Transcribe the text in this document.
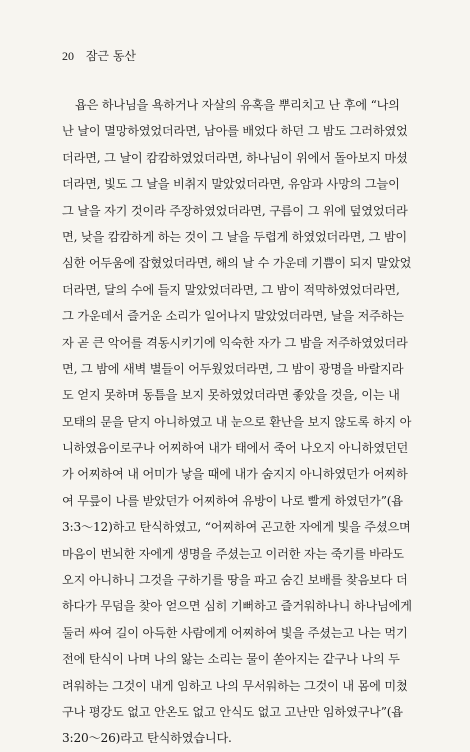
20 잠근 동산
욥은 하나님을 욕하거나 자살의 유혹을 뿌리치고 난 후에 “나의
난 날이 멸망하였었더라면, 남아를 배었다 하던 그 밤도 그러하였었
더라면, 그 날이 캄캄하였었더라면, 하나님이 위에서 돌아보지 마셨
더라면, 빛도 그 날을 비취지 말았었더라면, 유암과 사망의 그늘이
그 날을 자기 것이라 주장하였었더라면, 구름이 그 위에 덮였었더라
면, 낮을 캄캄하게 하는 것이 그 날을 두렵게 하였었더라면, 그 밤이
심한 어두움에 잡혔었더라면, 해의 날 수 가운데 기쁨이 되지 말았었
더라면, 달의 수에 들지 말았었더라면, 그 밤이 적막하였었더라면,
그 가운데서 즐거운 소리가 일어나지 말았었더라면, 날을 저주하는
자 곧 큰 악어를 격동시키기에 익숙한 자가 그 밤을 저주하였었더라
면, 그 밤에 새벽 별들이 어두웠었더라면, 그 밤이 광명을 바랄지라
도 얻지 못하며 동틈을 보지 못하였었더라면 좋았을 것을, 이는 내
모태의 문을 닫지 아니하였고 내 눈으로 환난을 보지 않도록 하지 아
니하였음이로구나 어찌하여 내가 태에서 죽어 나오지 아니하였던던
가 어찌하여 내 어미가 낳을 때에 내가 숨지지 아니하였던가 어찌하
여 무릎이 나를 받았던가 어찌하여 유방이 나로 빨게 하였던가”(욥
3:3～12)하고 탄식하였고, “어찌하여 곤고한 자에게 빛을 주셨으며
마음이 번뇌한 자에게 생명을 주셨는고 이러한 자는 죽기를 바라도
오지 아니하니 그것을 구하기를 땅을 파고 숨긴 보배를 찾음보다 더
하다가 무덤을 찾아 얻으면 심히 기뻐하고 즐거워하나니 하나님에게
둘러 싸여 길이 아득한 사람에게 어찌하여 빛을 주셨는고 나는 먹기
전에 탄식이 나며 나의 앓는 소리는 물이 쏟아지는 같구나 나의 두
려워하는 그것이 내게 임하고 나의 무서워하는 그것이 내 몸에 미쳤
구나 평강도 없고 안온도 없고 안식도 없고 고난만 임하였구나”(욥
3:20～26)라고 탄식하였습니다.
